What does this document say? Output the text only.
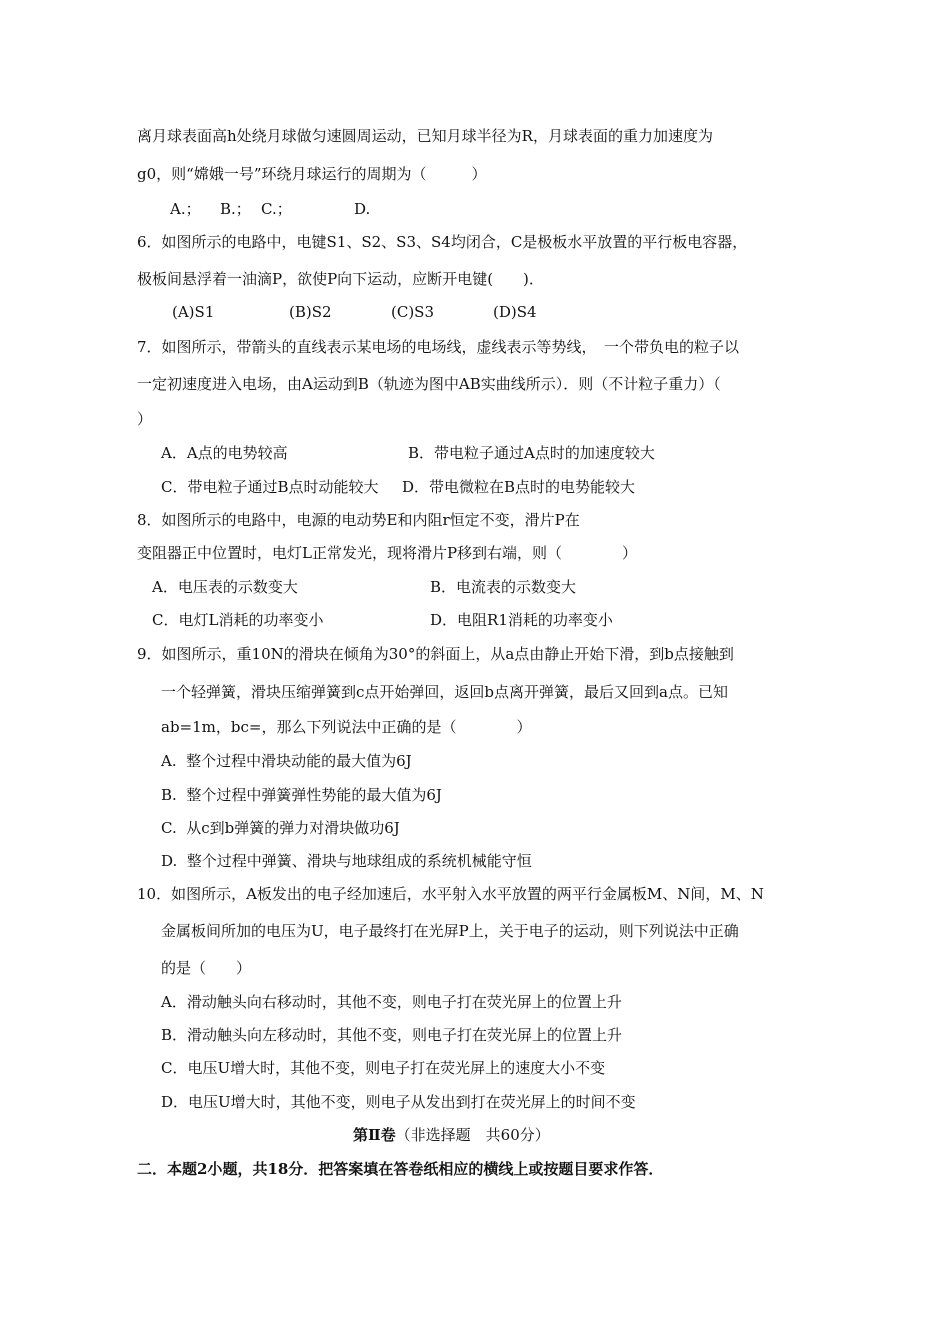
离月球表面高h处绕月球做匀速圆周运动，已知月球半径为R，月球表面的重力加速度为
g0，则“嫦娥一号”环绕月球运行的周期为（　　　）
A.； B.； C.；	D.
6．如图所示的电路中，电键S1、S2、S3、S4均闭合，C是极板水平放置的平行板电容器，
极板间悬浮着一油滴P，欲使P向下运动，应断开电键(　　)．
(A)S1	(B)S2	(C)S3	(D)S4
7．如图所示，带箭头的直线表示某电场的电场线，虚线表示等势线，　一个带负电的粒子以
一定初速度进入电场，由A运动到B（轨迹为图中AB实曲线所示）．则（不计粒子重力）（
）
A．A点的电势较高	B．带电粒子通过A点时的加速度较大
C．带电粒子通过B点时动能较大 D．带电微粒在B点时的电势能较大
8．如图所示的电路中，电源的电动势E和内阻r恒定不变，滑片P在
变阻器正中位置时，电灯L正常发光，现将滑片P移到右端，则（　　　　）
A．电压表的示数变大	B．电流表的示数变大
C．电灯L消耗的功率变小	D．电阻R1消耗的功率变小
9．如图所示，重10N的滑块在倾角为30°的斜面上，从a点由静止开始下滑，到b点接触到
一个轻弹簧，滑块压缩弹簧到c点开始弹回，返回b点离开弹簧，最后又回到a点。已知
ab=1m，bc=，那么下列说法中正确的是（　　　　）
A.  整个过程中滑块动能的最大值为6J
B.  整个过程中弹簧弹性势能的最大值为6J
C.  从c到b弹簧的弹力对滑块做功6J
D.  整个过程中弹簧、滑块与地球组成的系统机械能守恒
10．如图所示，A板发出的电子经加速后，水平射入水平放置的两平行金属板M、N间，M、N
金属板间所加的电压为U，电子最终打在光屏P上，关于电子的运动，则下列说法中正确
的是（　　）
A．滑动触头向右移动时，其他不变，则电子打在荧光屏上的位置上升
B．滑动触头向左移动时，其他不变，则电子打在荧光屏上的位置上升
C．电压U增大时，其他不变，则电子打在荧光屏上的速度大小不变
D．电压U增大时，其他不变，则电子从发出到打在荧光屏上的时间不变
第Ⅱ卷（非选择题　共60分）
二．本题2小题，共18分．把答案填在答卷纸相应的横线上或按题目要求作答．
